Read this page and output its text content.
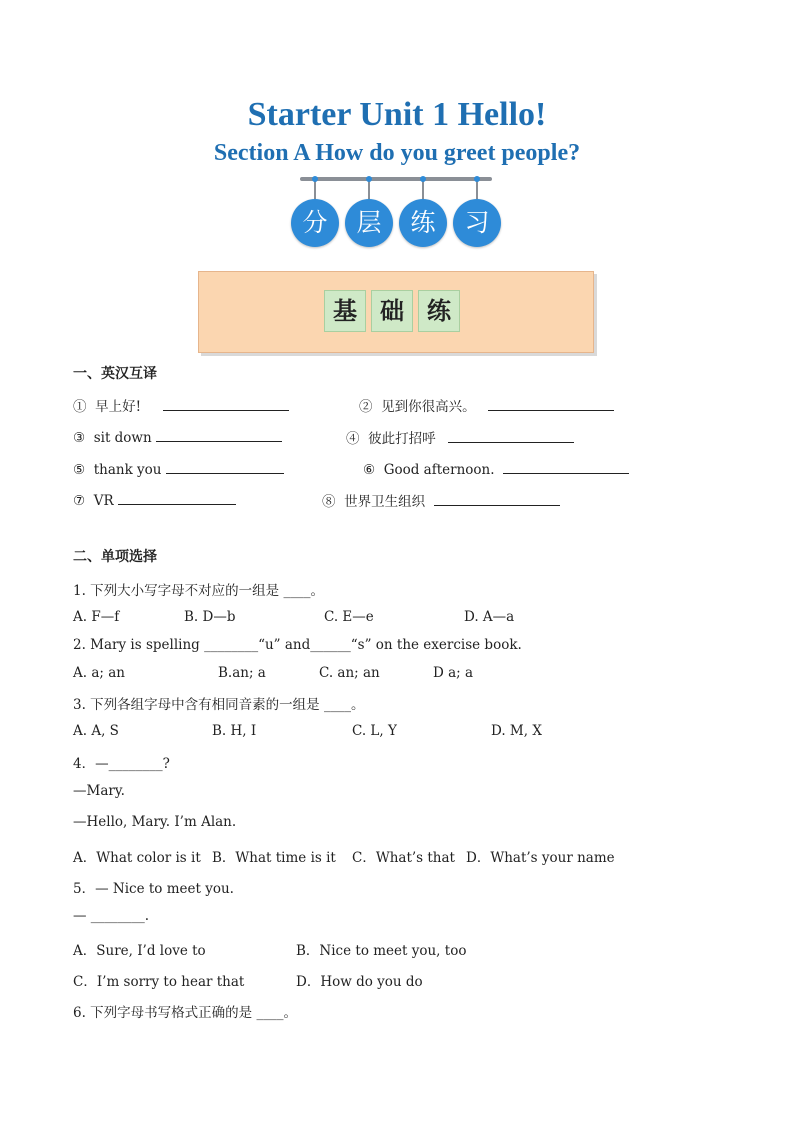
Starter Unit 1 Hello!
Section A How do you greet people?
分	层	练	习
基 础 练
一、英汉互译
① 早上好!	② 见到你很高兴。
③ sit down	④ 彼此打招呼
⑤ thank you	⑥ Good afternoon.
⑦ VR	⑧ 世界卫生组织
二、单项选择
1. 下列大小写字母不对应的一组是 ____。
A. F—f	B. D—b	C. E—e	D. A—a
2. Mary is spelling ________“u” and______“s” on the exercise book.
A. a; an	B.an; a	C. an; an	D a; a
3. 下列各组字母中含有相同音素的一组是 ____。
A. A, S	B. H, I	C. L, Y	D. M, X
4．—________?
—Mary.
—Hello, Mary. I’m Alan.
A．What color is it B．What time is it C．What’s that D．What’s your name
5．— Nice to meet you.
— ________.
A．Sure, I’d love to	B．Nice to meet you, too
C．I’m sorry to hear that	D．How do you do
6. 下列字母书写格式正确的是 ____。
